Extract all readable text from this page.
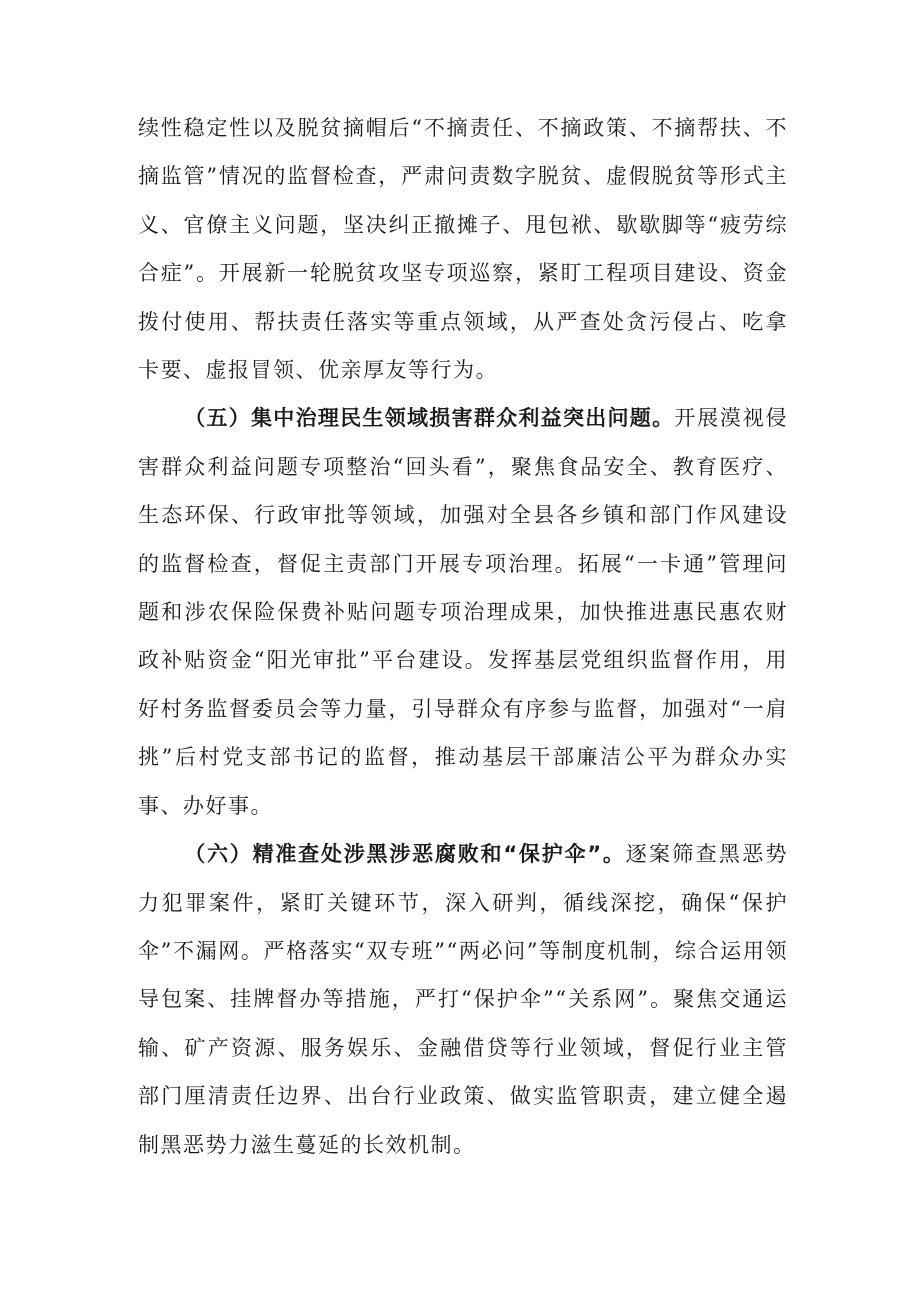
续性稳定性以及脱贫摘帽后“不摘责任、不摘政策、不摘帮扶、不摘监管”情况的监督检查，严肃问责数字脱贫、虚假脱贫等形式主义、官僚主义问题，坚决纠正撤摊子、甩包袱、歇歇脚等“疲劳综合症”。开展新一轮脱贫攻坚专项巡察，紧盯工程项目建设、资金拨付使用、帮扶责任落实等重点领域，从严查处贪污侵占、吃拿卡要、虚报冒领、优亲厚友等行为。

（五）集中治理民生领域损害群众利益突出问题。开展漠视侵害群众利益问题专项整治“回头看”，聚焦食品安全、教育医疗、生态环保、行政审批等领域，加强对全县各乡镇和部门作风建设的监督检查，督促主责部门开展专项治理。拓展“一卡通”管理问题和涉农保险保费补贴问题专项治理成果，加快推进惠民惠农财政补贴资金“阳光审批”平台建设。发挥基层党组织监督作用，用好村务监督委员会等力量，引导群众有序参与监督，加强对“一肩挑”后村党支部书记的监督，推动基层干部廉洁公平为群众办实事、办好事。

（六）精准查处涉黑涉恶腐败和“保护伞”。逐案筛查黑恶势力犯罪案件，紧盯关键环节，深入研判，循线深挖，确保“保护伞”不漏网。严格落实“双专班”“两必问”等制度机制，综合运用领导包案、挂牌督办等措施，严打“保护伞”“关系网”。聚焦交通运输、矿产资源、服务娱乐、金融借贷等行业领域，督促行业主管部门厘清责任边界、出台行业政策、做实监管职责，建立健全遏制黑恶势力滋生蔓延的长效机制。
